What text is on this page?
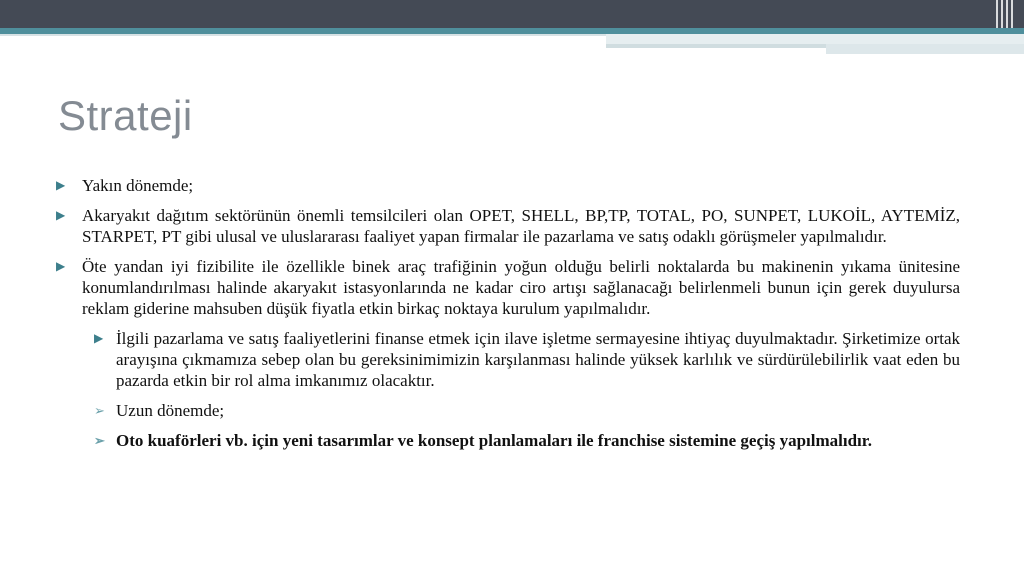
Strateji
▶ Yakın dönemde;
▶ Akaryakıt dağıtım sektörünün önemli temsilcileri olan OPET, SHELL, BP,TP, TOTAL, PO, SUNPET, LUKOİL, AYTEMİZ, STARPET, PT gibi ulusal ve uluslararası faaliyet yapan firmalar ile pazarlama ve satış odaklı görüşmeler yapılmalıdır.
▶ Öte yandan iyi fizibilite ile özellikle binek araç trafiğinin yoğun olduğu belirli noktalarda bu makinenin yıkama ünitesine konumlandırılması halinde akaryakıt istasyonlarında ne kadar ciro artışı sağlanacağı belirlenmeli bunun için gerek duyulursa reklam giderine mahsuben düşük fiyatla etkin birkaç noktaya kurulum yapılmalıdır.
▶ İlgili pazarlama ve satış faaliyetlerini finanse etmek için ilave işletme sermayesine ihtiyaç duyulmaktadır. Şirketimize ortak arayışına çıkmamıza sebep olan bu gereksinimimizin karşılanması halinde yüksek karlılık ve sürdürülebilirlik vaat eden bu pazarda etkin bir rol alma imkanımız olacaktır.
➢ Uzun dönemde;
➢ Oto kuaförleri vb. için yeni tasarımlar ve konsept planlamaları ile franchise sistemine geçiş yapılmalıdır.
